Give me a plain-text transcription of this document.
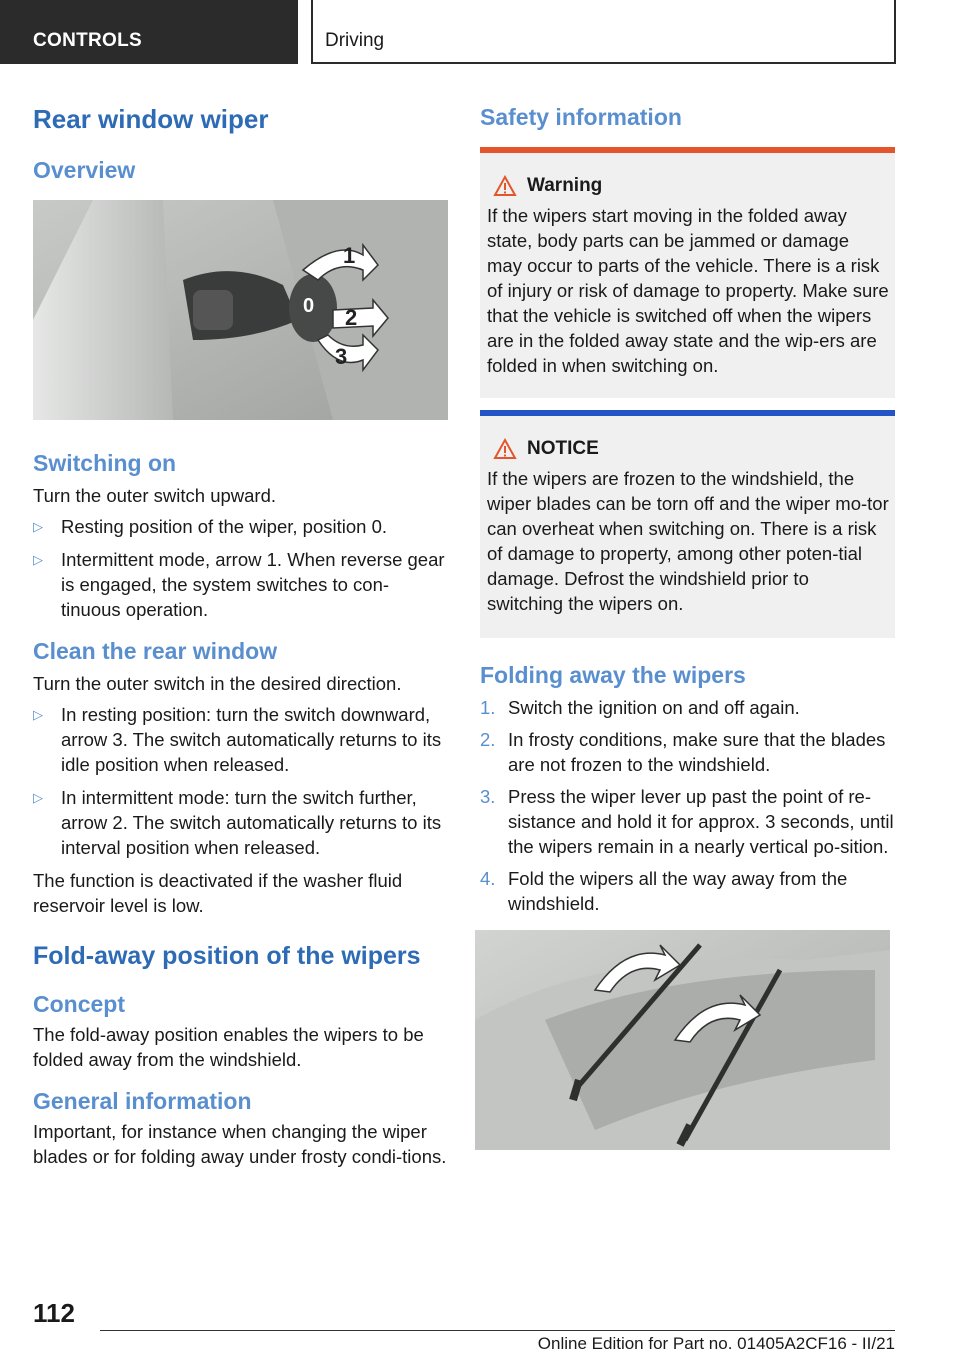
CONTROLS	Driving
Rear window wiper
Overview
1
0 2
3
Switching on

Turn the outer switch upward.

▷ Resting position of the wiper, position 0.
▷ Intermittent mode, arrow 1. When reverse gear is engaged, the system switches to con-tinuous operation.
Clean the rear window

Turn the outer switch in the desired direction.

▷ In resting position: turn the switch downward, arrow 3. The switch automatically returns to its idle position when released.
▷ In intermittent mode: turn the switch further, arrow 2. The switch automatically returns to its interval position when released.

The function is deactivated if the washer fluid reservoir level is low.

Fold-away position of the wipers
Concept

The fold-away position enables the wipers to be folded away from the windshield.

General information

Important, for instance when changing the wiper blades or for folding away under frosty condi-tions.

Safety information
Warning

If the wipers start moving in the folded away state, body parts can be jammed or damage may occur to parts of the vehicle. There is a risk of injury or risk of damage to property. Make sure that the vehicle is switched off when the wipers are in the folded away state and the wip-ers are folded in when switching on.

NOTICE

If the wipers are frozen to the windshield, the wiper blades can be torn off and the wiper mo-tor can overheat when switching on. There is a risk of damage to property, among other poten-tial damage. Defrost the windshield prior to switching the wipers on.

Folding away the wipers
1. Switch the ignition on and off again.
2. In frosty conditions, make sure that the blades are not frozen to the windshield.
3. Press the wiper lever up past the point of re-sistance and hold it for approx. 3 seconds, until the wipers remain in a nearly vertical po-sition.
4. Fold the wipers all the way away from the windshield.
112
Online Edition for Part no. 01405A2CF16 - II/21
